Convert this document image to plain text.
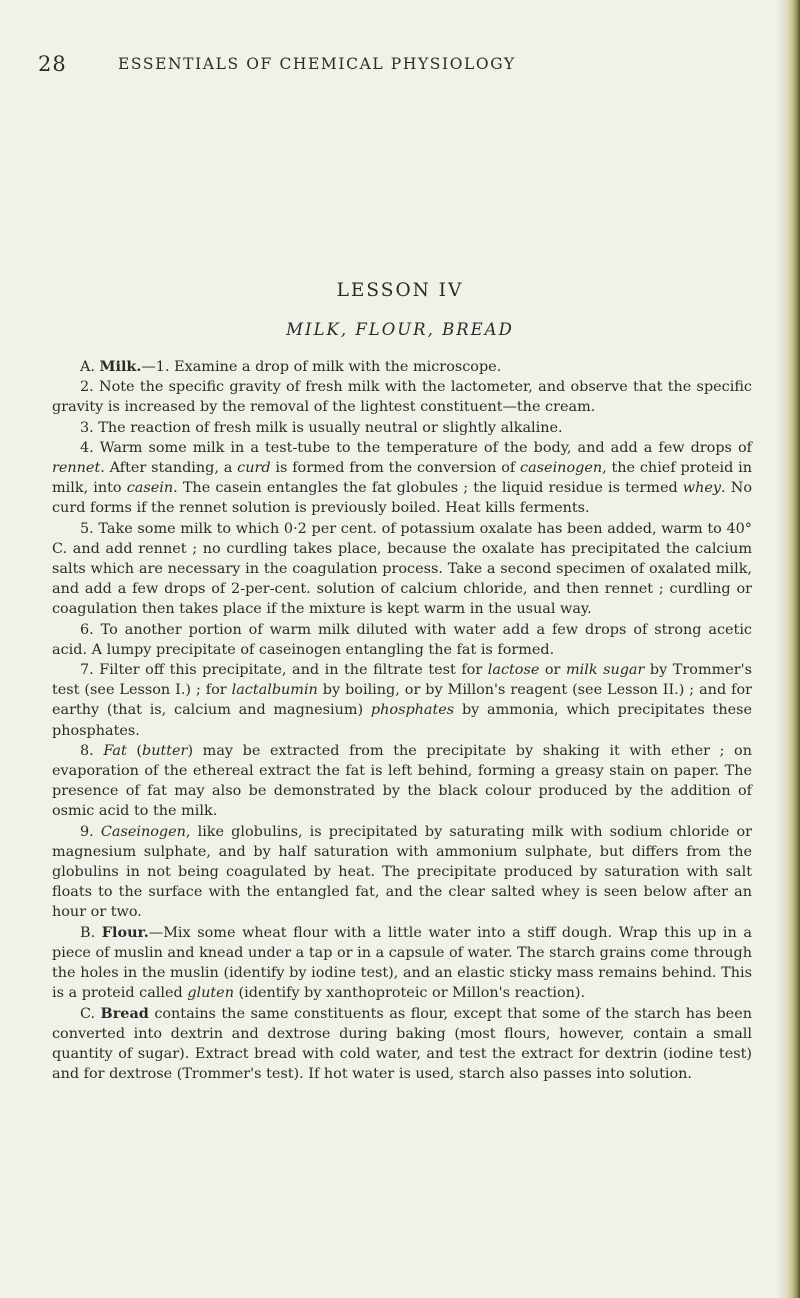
28	ESSENTIALS OF CHEMICAL PHYSIOLOGY
LESSON IV
MILK, FLOUR, BREAD

A. Milk.—1. Examine a drop of milk with the microscope.

2. Note the specific gravity of fresh milk with the lactometer, and observe that the specific gravity is increased by the removal of the lightest constituent—the cream.

3. The reaction of fresh milk is usually neutral or slightly alkaline.

4. Warm some milk in a test-tube to the temperature of the body, and add a few drops of rennet. After standing, a curd is formed from the conversion of caseinogen, the chief proteid in milk, into casein. The casein entangles the fat globules ; the liquid residue is termed whey. No curd forms if the rennet solution is previously boiled. Heat kills ferments.

5. Take some milk to which 0·2 per cent. of potassium oxalate has been added, warm to 40° C. and add rennet ; no curdling takes place, because the oxalate has precipitated the calcium salts which are necessary in the coagulation process. Take a second specimen of oxalated milk, and add a few drops of 2-per-cent. solution of calcium chloride, and then rennet ; curdling or coagulation then takes place if the mixture is kept warm in the usual way.

6. To another portion of warm milk diluted with water add a few drops of strong acetic acid. A lumpy precipitate of caseinogen entangling the fat is formed.

7. Filter off this precipitate, and in the filtrate test for lactose or milk sugar by Trommer's test (see Lesson I.) ; for lactalbumin by boiling, or by Millon's reagent (see Lesson II.) ; and for earthy (that is, calcium and magnesium) phosphates by ammonia, which precipitates these phosphates.

8. Fat (butter) may be extracted from the precipitate by shaking it with ether ; on evaporation of the ethereal extract the fat is left behind, forming a greasy stain on paper. The presence of fat may also be demonstrated by the black colour produced by the addition of osmic acid to the milk.

9. Caseinogen, like globulins, is precipitated by saturating milk with sodium chloride or magnesium sulphate, and by half saturation with ammonium sulphate, but differs from the globulins in not being coagulated by heat. The precipitate produced by saturation with salt floats to the surface with the entangled fat, and the clear salted whey is seen below after an hour or two.

B. Flour.—Mix some wheat flour with a little water into a stiff dough. Wrap this up in a piece of muslin and knead under a tap or in a capsule of water. The starch grains come through the holes in the muslin (identify by iodine test), and an elastic sticky mass remains behind. This is a proteid called gluten (identify by xanthoproteic or Millon's reaction).

C. Bread contains the same constituents as flour, except that some of the starch has been converted into dextrin and dextrose during baking (most flours, however, contain a small quantity of sugar). Extract bread with cold water, and test the extract for dextrin (iodine test) and for dextrose (Trommer's test). If hot water is used, starch also passes into solution.
